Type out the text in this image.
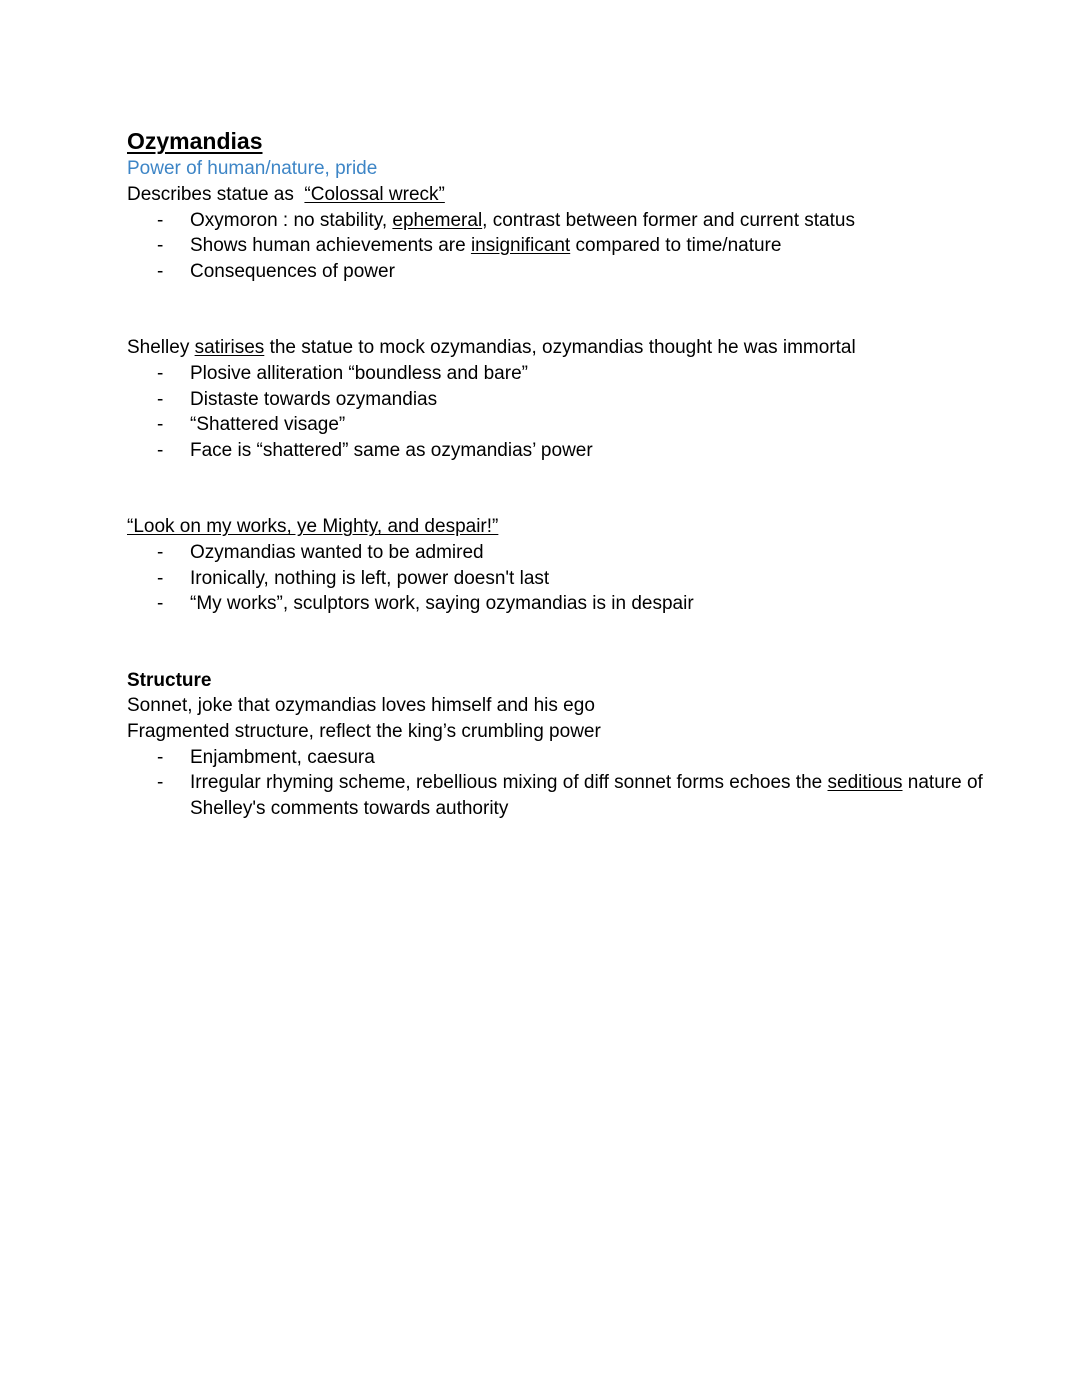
Ozymandias

Power of human/nature, pride

Describes statue as  “Colossal wreck”

- Oxymoron : no stability, ephemeral, contrast between former and current status
- Shows human achievements are insignificant compared to time/nature
- Consequences of power

Shelley satirises the statue to mock ozymandias, ozymandias thought he was immortal

- Plosive alliteration “boundless and bare”
- Distaste towards ozymandias
- “Shattered visage”
- Face is “shattered” same as ozymandias’ power

“Look on my works, ye Mighty, and despair!”

- Ozymandias wanted to be admired
- Ironically, nothing is left, power doesn't last
- “My works”, sculptors work, saying ozymandias is in despair

Structure

Sonnet, joke that ozymandias loves himself and his ego

Fragmented structure, reflect the king’s crumbling power

- Enjambment, caesura
- Irregular rhyming scheme, rebellious mixing of diff sonnet forms echoes the seditious nature of Shelley's comments towards authority
